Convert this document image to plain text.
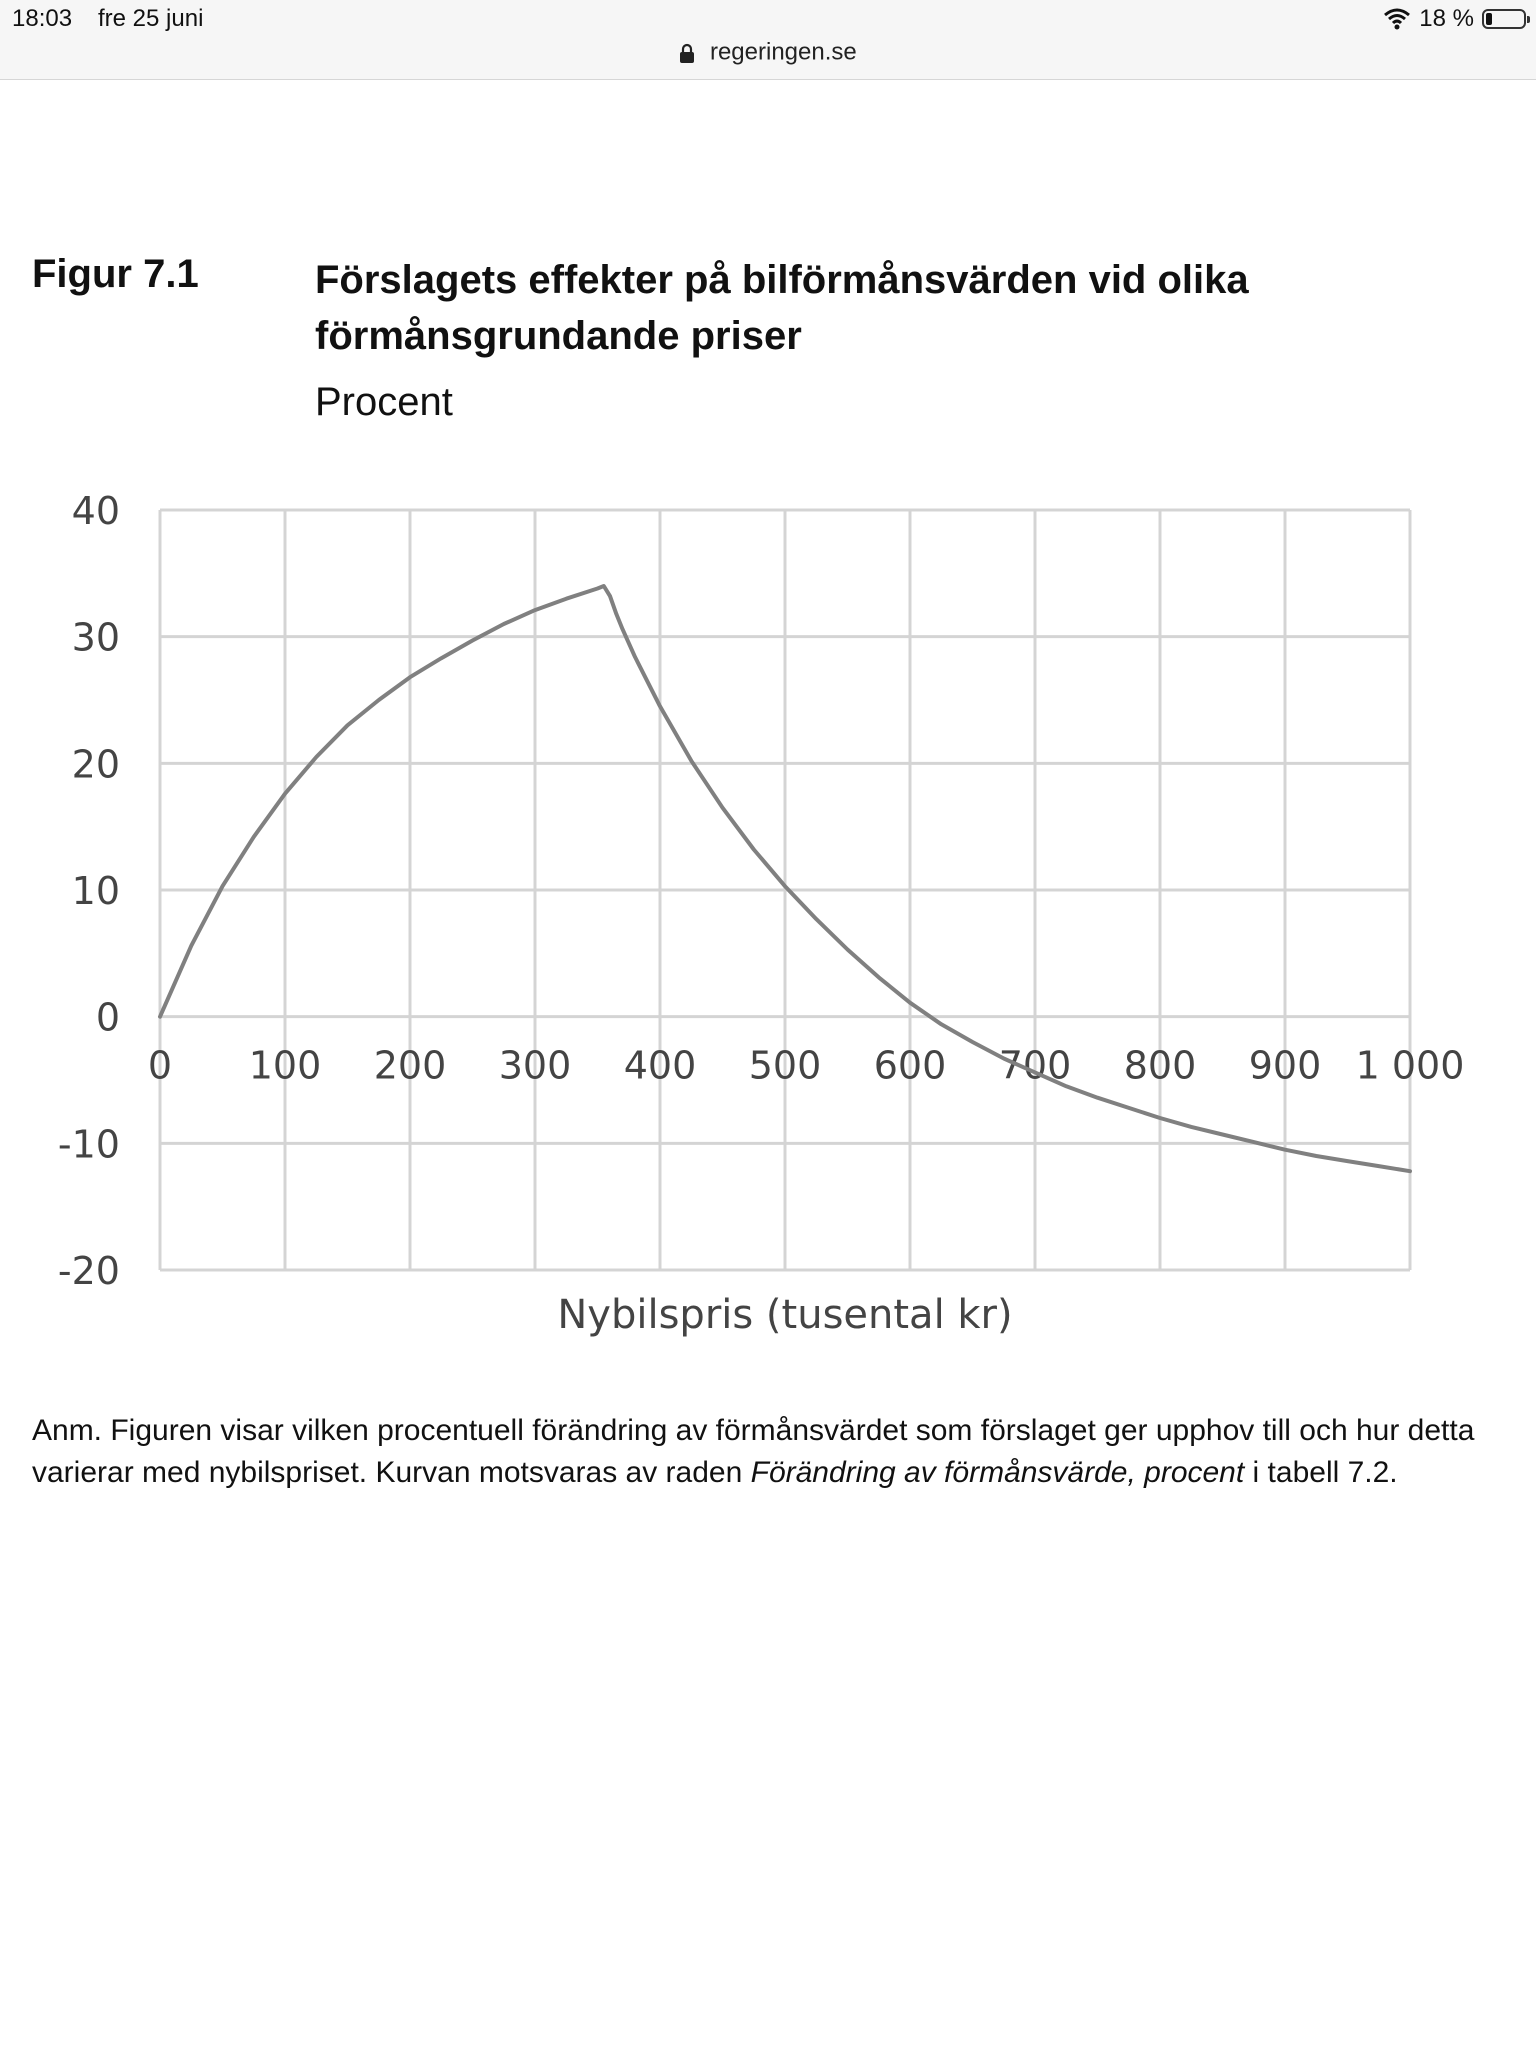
18:03 fre 25 juni	18 %
regeringen.se
Figur 7.1	Förslagets effekter på bilförmånsvärden vid olika förmånsgrundande priser
Procent
40
30
20
10
0
-10
-20
0 100 200 300 400 500 600 700 800 900 1 000
Nybilspris (tusental kr)
Anm. Figuren visar vilken procentuell förändring av förmånsvärdet som förslaget ger upphov till och hur detta varierar med nybilspriset. Kurvan motsvaras av raden Förändring av förmånsvärde, procent i tabell 7.2.
